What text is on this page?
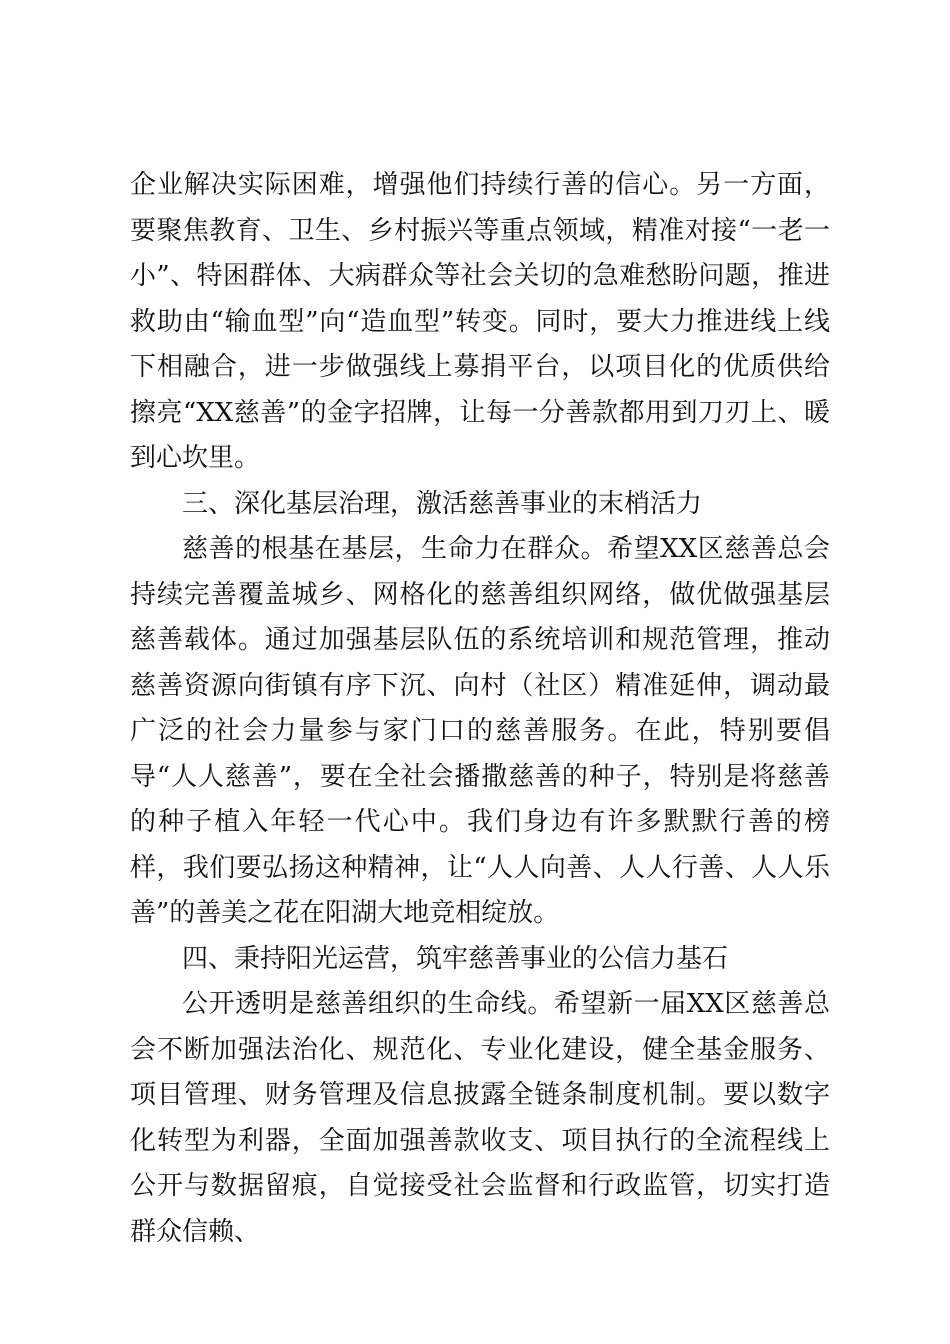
企业解决实际困难，增强他们持续行善的信心。另一方面，要聚焦教育、卫生、乡村振兴等重点领域，精准对接“一老一小”、特困群体、大病群众等社会关切的急难愁盼问题，推进救助由“输血型”向“造血型”转变。同时，要大力推进线上线下相融合，进一步做强线上募捐平台，以项目化的优质供给擦亮“XX慈善”的金字招牌，让每一分善款都用到刀刃上、暖到心坎里。

三、深化基层治理，激活慈善事业的末梢活力

慈善的根基在基层，生命力在群众。希望XX区慈善总会持续完善覆盖城乡、网格化的慈善组织网络，做优做强基层慈善载体。通过加强基层队伍的系统培训和规范管理，推动慈善资源向街镇有序下沉、向村（社区）精准延伸，调动最广泛的社会力量参与家门口的慈善服务。在此，特别要倡导“人人慈善”，要在全社会播撒慈善的种子，特别是将慈善的种子植入年轻一代心中。我们身边有许多默默行善的榜样，我们要弘扬这种精神，让“人人向善、人人行善、人人乐善”的善美之花在阳湖大地竞相绽放。

四、秉持阳光运营，筑牢慈善事业的公信力基石

公开透明是慈善组织的生命线。希望新一届XX区慈善总会不断加强法治化、规范化、专业化建设，健全基金服务、项目管理、财务管理及信息披露全链条制度机制。要以数字化转型为利器，全面加强善款收支、项目执行的全流程线上公开与数据留痕，自觉接受社会监督和行政监管，切实打造群众信赖、
